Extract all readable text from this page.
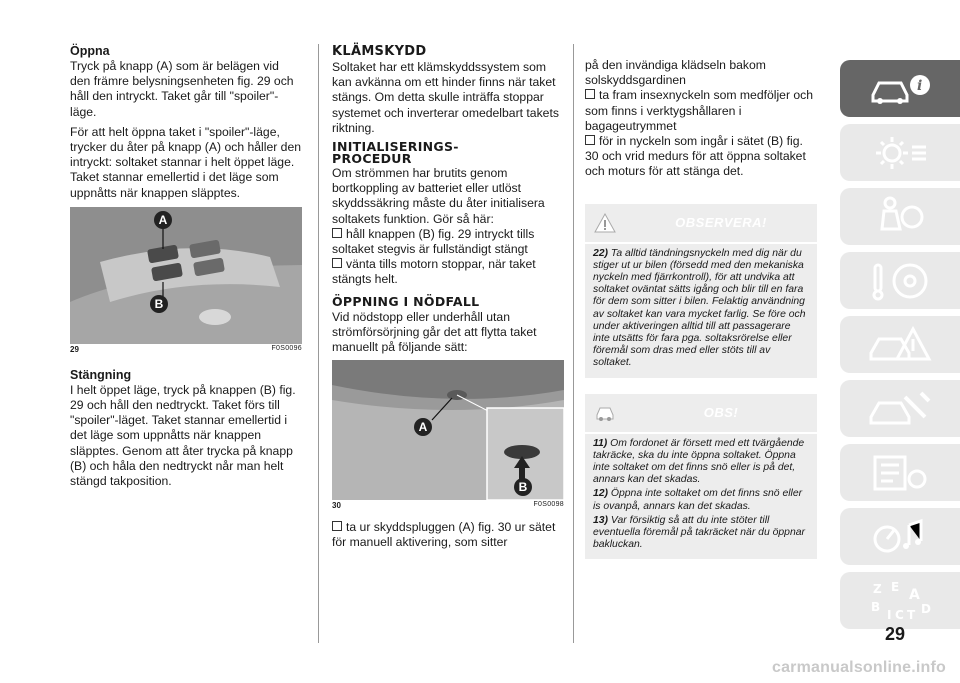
Öppna

Tryck på knapp (A) som är belägen vid den främre belysningsenheten fig. 29 och håll den intryckt. Taket går till "spoiler"-läge.

För att helt öppna taket i "spoiler"-läge, trycker du åter på knapp (A) och håller den intryckt: soltaket stannar i helt öppet läge. Taket stannar emellertid i det läge som uppnåtts när knappen släpptes.

A
B
29	F0S0096
Stängning

I helt öppet läge, tryck på knappen (B) fig. 29 och håll den nedtryckt. Taket förs till "spoiler"-läget. Taket stannar emellertid i det läge som uppnåtts när knappen släpptes. Genom att åter trycka på knapp (B) och håla den nedtryckt når man helt stängd takposition.

KLÄMSKYDD

Soltaket har ett klämskyddssystem som kan avkänna om ett hinder finns när taket stängs. Om detta skulle inträffa stoppar systemet och inverterar omedelbart takets riktning.

INITIALISERINGS-
PROCEDUR

Om strömmen har brutits genom bortkoppling av batteriet eller utlöst skyddssäkring måste du åter initialisera soltakets funktion. Gör så här:

håll knappen (B) fig. 29 intryckt tills soltaket stegvis är fullständigt stängt
vänta tills motorn stoppar, när taket stängts helt.
ÖPPNING I NÖDFALL

Vid nödstopp eller underhåll utan strömförsörjning går det att flytta taket manuellt på följande sätt:

A
B
30	F0S0098
ta ur skyddspluggen (A) fig. 30 ur sätet för manuell aktivering, som sitter

på den invändiga klädseln bakom solskyddsgardinen

ta fram insexnyckeln som medföljer och som finns i verktygshållaren i bagageutrymmet
för in nyckeln som ingår i sätet (B) fig. 30 och vrid medurs för att öppna soltaket och moturs för att stänga det.
OBSERVERA!
22) Ta alltid tändningsnyckeln med dig när du stiger ut ur bilen (försedd med den mekaniska nyckeln med fjärrkontroll), för att undvika att soltaket oväntat sätts igång och blir till en fara för dem som sitter i bilen. Felaktig användning av soltaket kan vara mycket farlig. Se före och under aktiveringen alltid till att passagerare inte utsätts för fara pga. soltaksrörelse eller föremål som dras med eller stöts till av soltaket.
OBS!
11) Om fordonet är försett med ett tvärgående takräcke, ska du inte öppna soltaket. Öppna inte soltaket om det finns snö eller is på det, annars kan det skadas.
12) Öppna inte soltaket om det finns snö eller is ovanpå, annars kan det skadas.
13) Var försiktig så att du inte stöter till eventuella föremål på takräcket när du öppnar bakluckan.
i
Z E A
B
I C T D
29
carmanualsonline.info
